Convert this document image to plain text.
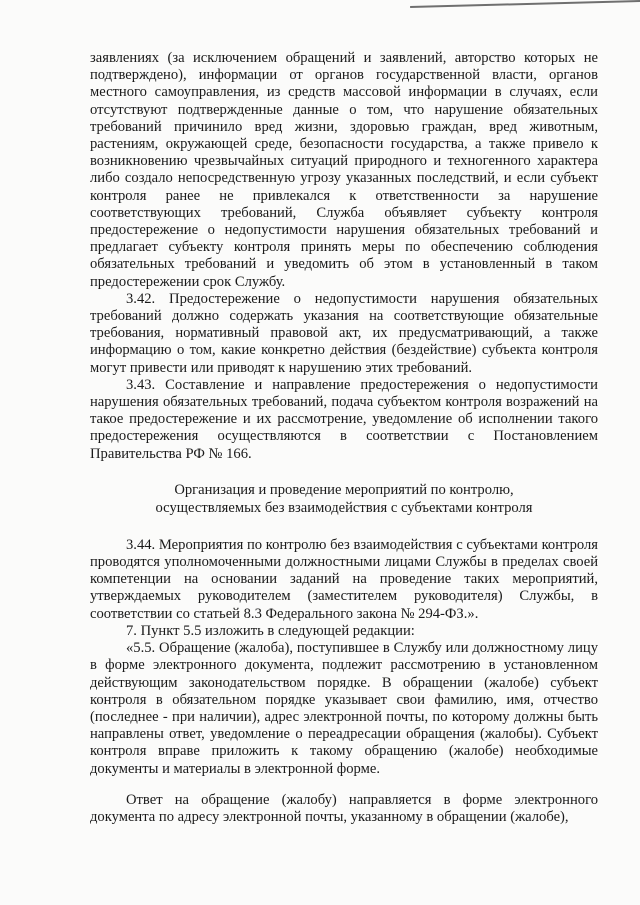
заявлениях (за исключением обращений и заявлений, авторство которых не подтверждено), информации от органов государственной власти, органов местного самоуправления, из средств массовой информации в случаях, если отсутствуют подтвержденные данные о том, что нарушение обязательных требований причинило вред жизни, здоровью граждан, вред животным, растениям, окружающей среде, безопасности государства, а также привело к возникновению чрезвычайных ситуаций природного и техногенного характера либо создало непосредственную угрозу указанных последствий, и если субъект контроля ранее не привлекался к ответственности за нарушение соответствующих требований, Служба объявляет субъекту контроля предостережение о недопустимости нарушения обязательных требований и предлагает субъекту контроля принять меры по обеспечению соблюдения обязательных требований и уведомить об этом в установленный в таком предостережении срок Службу.

3.42. Предостережение о недопустимости нарушения обязательных требований должно содержать указания на соответствующие обязательные требования, нормативный правовой акт, их предусматривающий, а также информацию о том, какие конкретно действия (бездействие) субъекта контроля могут привести или приводят к нарушению этих требований.

3.43. Составление и направление предостережения о недопустимости нарушения обязательных требований, подача субъектом контроля возражений на такое предостережение и их рассмотрение, уведомление об исполнении такого предостережения осуществляются в соответствии с Постановлением Правительства РФ № 166.

Организация и проведение мероприятий по контролю,
осуществляемых без взаимодействия с субъектами контроля

3.44. Мероприятия по контролю без взаимодействия с субъектами контроля проводятся уполномоченными должностными лицами Службы в пределах своей компетенции на основании заданий на проведение таких мероприятий, утверждаемых руководителем (заместителем руководителя) Службы, в соответствии со статьей 8.3 Федерального закона № 294-ФЗ.».

7. Пункт 5.5 изложить в следующей редакции:

«5.5. Обращение (жалоба), поступившее в Службу или должностному лицу в форме электронного документа, подлежит рассмотрению в установленном действующим законодательством порядке. В обращении (жалобе) субъект контроля в обязательном порядке указывает свои фамилию, имя, отчество (последнее - при наличии), адрес электронной почты, по которому должны быть направлены ответ, уведомление о переадресации обращения (жалобы). Субъект контроля вправе приложить к такому обращению (жалобе) необходимые документы и материалы в электронной форме.

Ответ на обращение (жалобу) направляется в форме электронного документа по адресу электронной почты, указанному в обращении (жалобе),
